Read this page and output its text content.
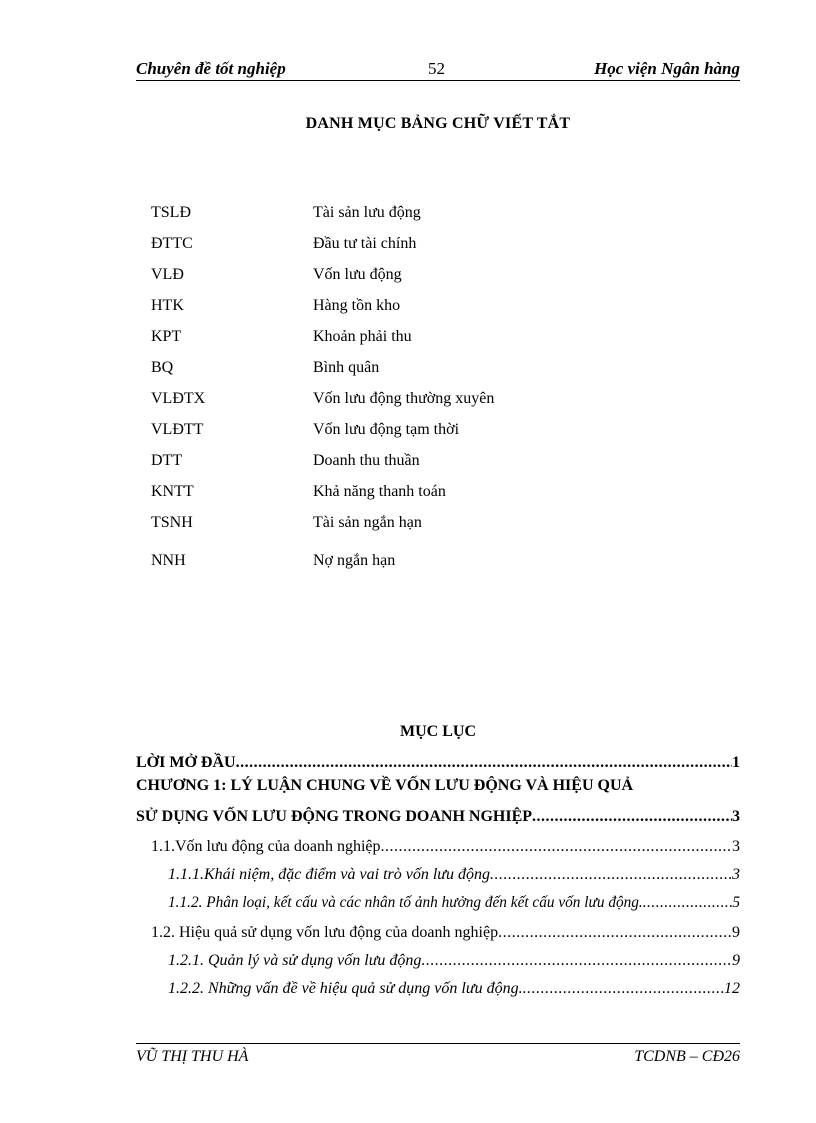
Chuyên đề tốt nghiệp	52	Học viện Ngân hàng
DANH MỤC BẢNG CHỮ VIẾT TẮT
TSLĐ	Tài sản lưu động
ĐTTC	Đầu tư tài chính
VLĐ	Vốn lưu động
HTK	Hàng tồn kho
KPT	Khoản phải thu
BQ	Bình quân
VLĐTX	Vốn lưu động thường xuyên
VLĐTT	Vốn lưu động tạm thời
DTT	Doanh thu thuần
KNTT	Khả năng thanh toán
TSNH	Tài sản ngắn hạn
NNH	Nợ ngắn hạn
MỤC LỤC
LỜI MỞ ĐẦU .....	1
CHƯƠNG 1: LÝ LUẬN CHUNG VỀ VỐN LƯU ĐỘNG VÀ HIỆU QUẢ
SỬ DỤNG VỐN LƯU ĐỘNG TRONG DOANH NGHIỆP .....	3
1.1.Vốn lưu động của doanh nghiệp .....	3
1.1.1.Khái niệm, đặc điểm và vai trò vốn lưu động .....	3
1.1.2. Phân loại, kết cấu và các nhân tố ảnh hưởng đến kết cấu vốn lưu động. .....	5
1.2. Hiệu quả sử dụng vốn lưu động của doanh nghiệp .....	9
1.2.1. Quản lý và sử dụng vốn lưu động .....	9
1.2.2. Những vấn đề về hiệu quả sử dụng vốn lưu động. .....	12
VŨ THỊ THU HÀ	TCDNB – CĐ26
